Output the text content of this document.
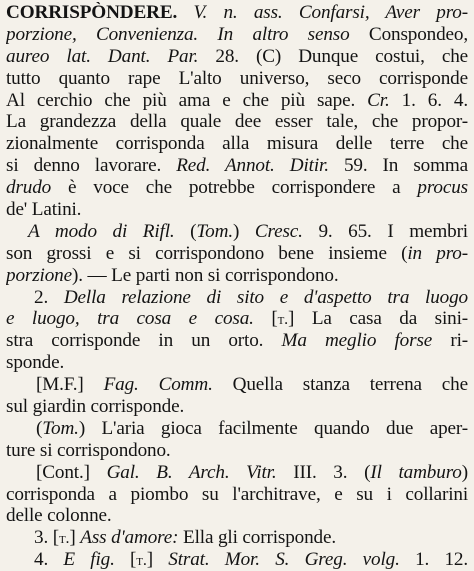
CORRISPÒNDERE. V. n. ass. Confarsi, Aver pro-
porzione, Convenienza. In altro senso Conspondeo,
aureo lat. Dant. Par. 28. (C) Dunque costui, che
tutto quanto rape L'alto universo, seco corrisponde
Al cerchio che più ama e che più sape. Cr. 1. 6. 4.
La grandezza della quale dee esser tale, che propor-
zionalmente corrisponda alla misura delle terre che
si denno lavorare. Red. Annot. Ditir. 59. In somma
drudo è voce che potrebbe corrispondere a procus
de' Latini.
A modo di Rifl. (Tom.) Cresc. 9. 65. I membri
son grossi e si corrispondono bene insieme (in pro-
porzione). — Le parti non si corrispondono.
2. Della relazione di sito e d'aspetto tra luogo
e luogo, tra cosa e cosa. [t.] La casa da sini-
stra corrisponde in un orto. Ma meglio forse ri-
sponde.
[M.F.] Fag. Comm. Quella stanza terrena che
sul giardin corrisponde.
(Tom.) L'aria gioca facilmente quando due aper-
ture si corrispondono.
[Cont.] Gal. B. Arch. Vitr. III. 3. (Il tamburo)
corrisponda a piombo su l'architrave, e su i collarini
delle colonne.
3. [t.] Ass d'amore: Ella gli corrisponde.
4. E fig. [t.] Strat. Mor. S. Greg. volg. 1. 12.
